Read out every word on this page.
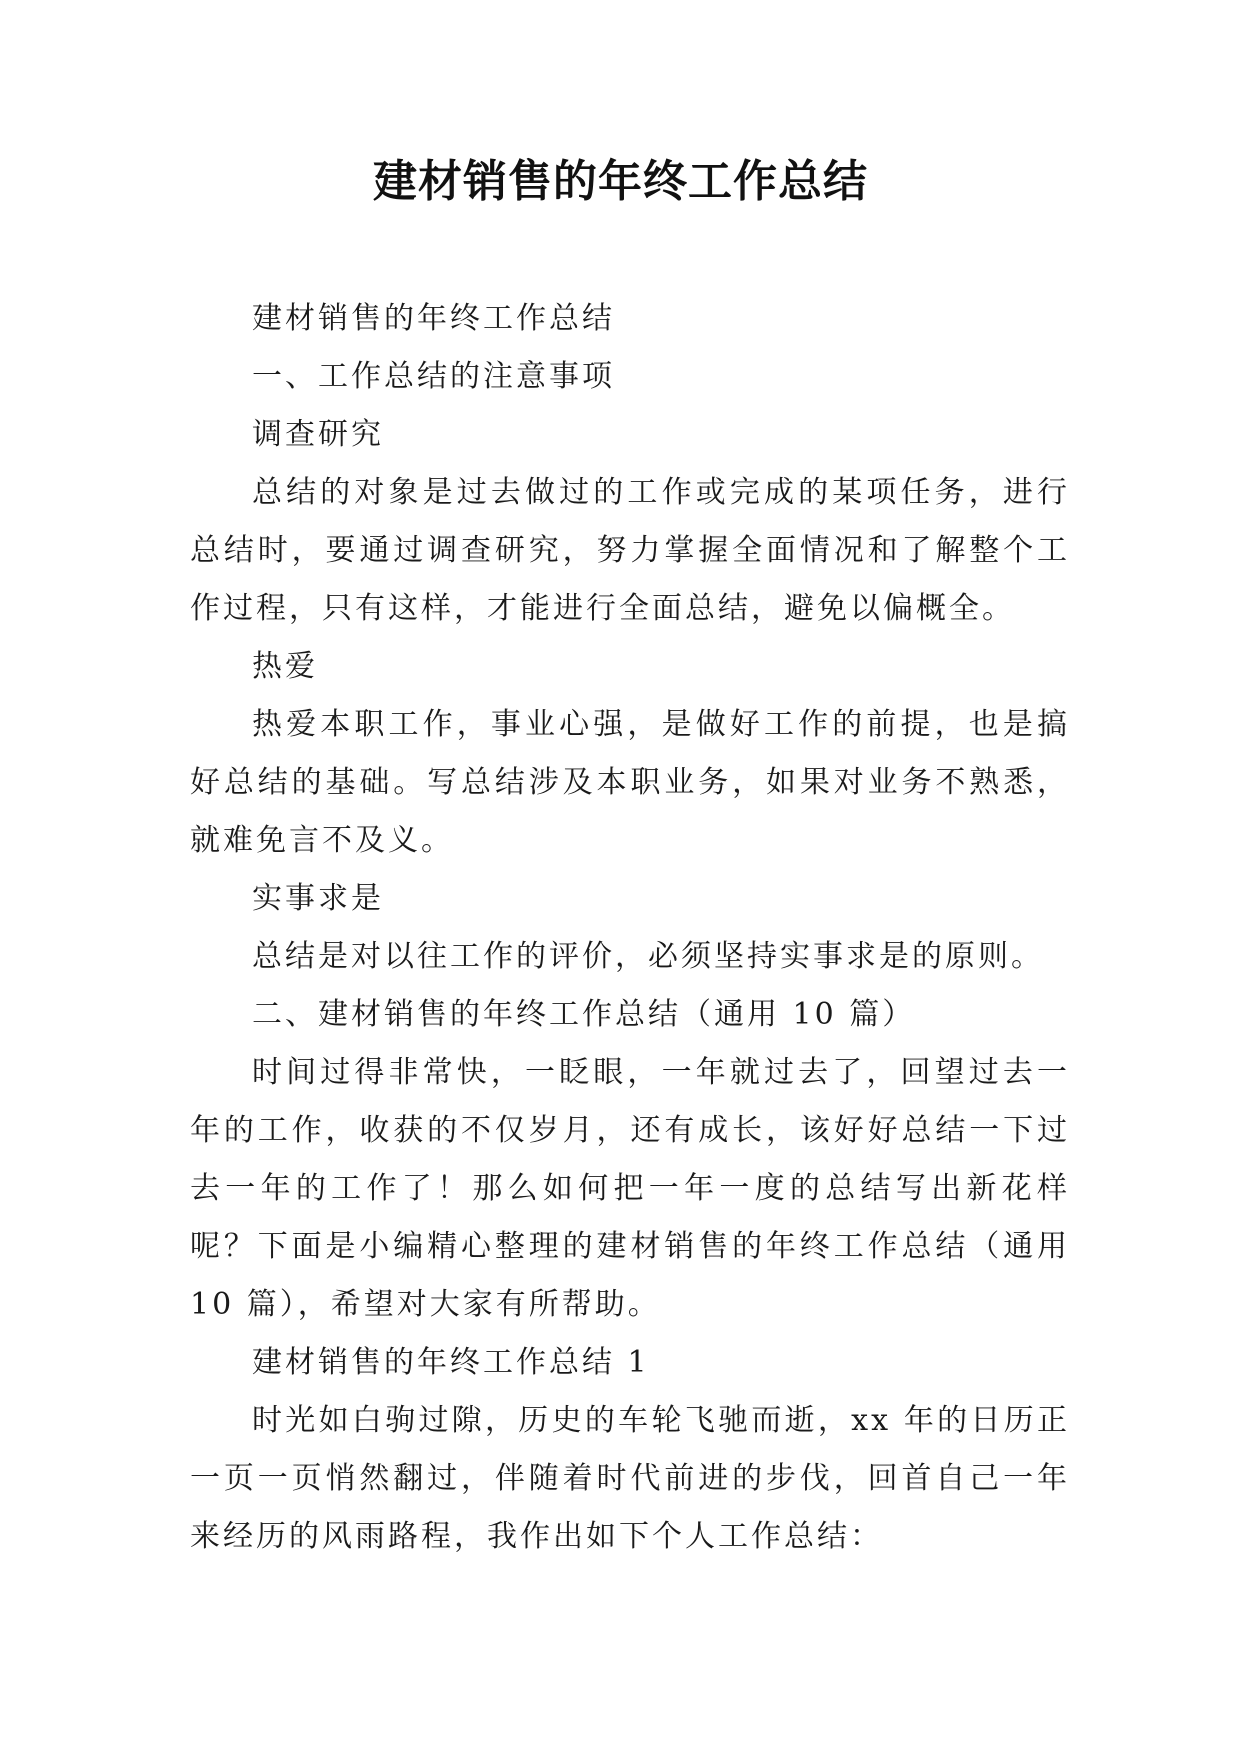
建材销售的年终工作总结

建材销售的年终工作总结

一、工作总结的注意事项

调查研究

总结的对象是过去做过的工作或完成的某项任务，进行总结时，要通过调查研究，努力掌握全面情况和了解整个工作过程，只有这样，才能进行全面总结，避免以偏概全。

热爱

热爱本职工作，事业心强，是做好工作的前提，也是搞好总结的基础。写总结涉及本职业务，如果对业务不熟悉，就难免言不及义。

实事求是

总结是对以往工作的评价，必须坚持实事求是的原则。

二、建材销售的年终工作总结（通用 10 篇）

时间过得非常快，一眨眼，一年就过去了，回望过去一年的工作，收获的不仅岁月，还有成长，该好好总结一下过去一年的工作了！那么如何把一年一度的总结写出新花样呢？下面是小编精心整理的建材销售的年终工作总结（通用 10 篇），希望对大家有所帮助。

建材销售的年终工作总结 1

时光如白驹过隙，历史的车轮飞驰而逝，xx 年的日历正一页一页悄然翻过，伴随着时代前进的步伐，回首自己一年来经历的风雨路程，我作出如下个人工作总结：
